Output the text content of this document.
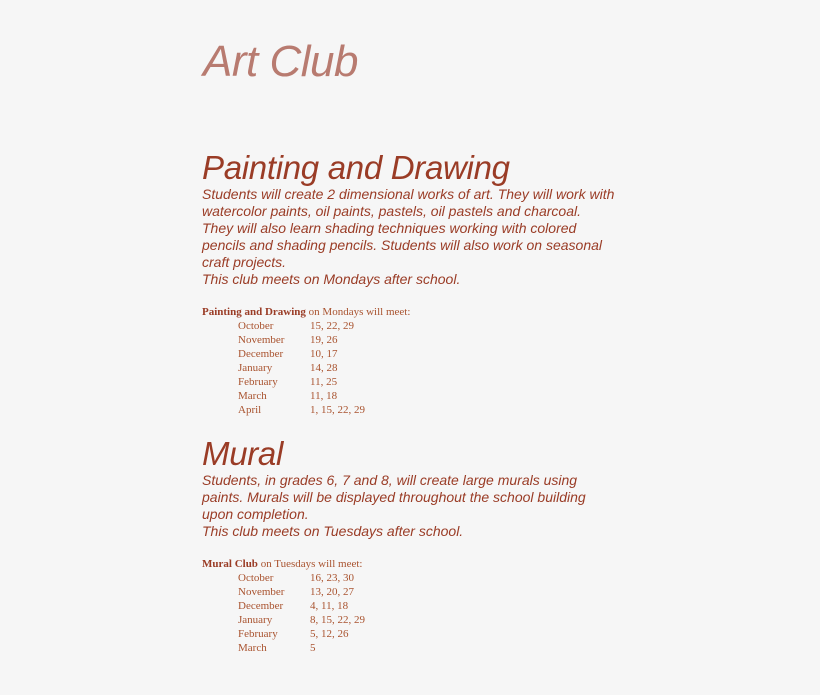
Art Club
Painting and Drawing
Students will create 2 dimensional works of art. They will work with
watercolor paints, oil paints, pastels, oil pastels and charcoal.
They will also learn shading techniques working with colored
pencils and shading pencils. Students will also work on seasonal
craft projects.
This club meets on Mondays after school.
Painting and Drawing on Mondays will meet:
October	15, 22, 29
November	19, 26
December	10, 17
January	14, 28
February	11, 25
March	11, 18
April	1, 15, 22, 29
Mural
Students, in grades 6, 7 and 8, will create large murals using
paints. Murals will be displayed throughout the school building
upon completion.
This club meets on Tuesdays after school.
Mural Club on Tuesdays will meet:
October	16, 23, 30
November	13, 20, 27
December	4, 11, 18
January	8, 15, 22, 29
February	5, 12, 26
March	5
